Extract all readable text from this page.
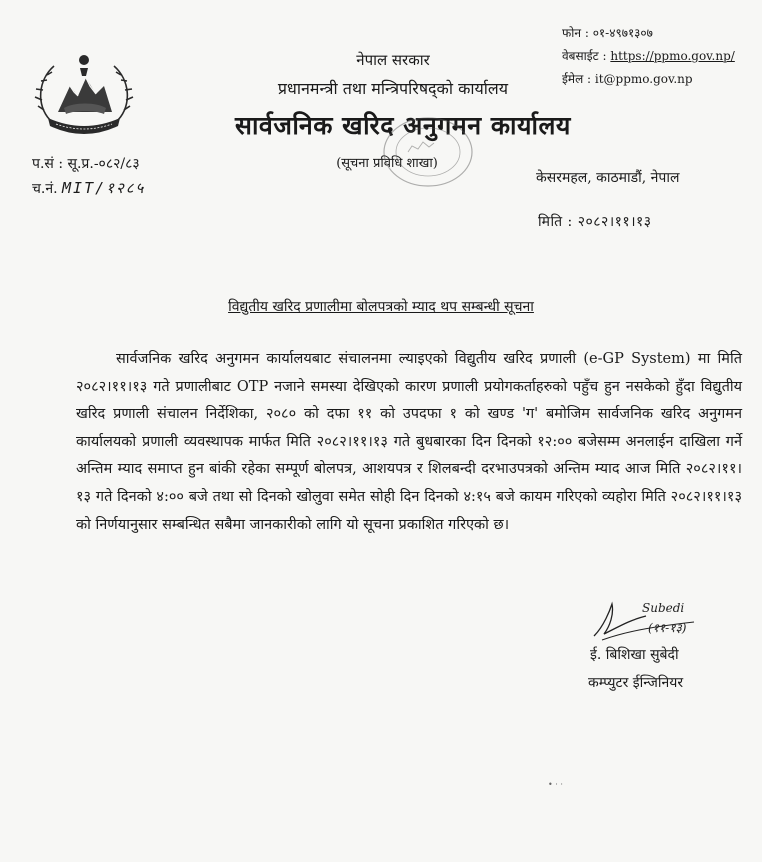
फोन : ०१-४९७१३०७
वेबसाईट : https://ppmo.gov.np/
ईमेल : it@ppmo.gov.np
नेपाल सरकार
प्रधानमन्त्री तथा मन्त्रिपरिषद्को कार्यालय
सार्वजनिक खरिद अनुगमन कार्यालय
(सूचना प्रविधि शाखा)
प.सं : सू.प्र.-०८२/८३
च.नं. MIT/१२८५
केसरमहल, काठमाडौं, नेपाल
मिति : २०८२।११।१३
विद्युतीय खरिद प्रणालीमा बोलपत्रको म्याद थप सम्बन्धी सूचना

सार्वजनिक खरिद अनुगमन कार्यालयबाट संचालनमा ल्याइएको विद्युतीय खरिद प्रणाली (e-GP System) मा मिति २०८२।११।१३ गते प्रणालीबाट OTP नजाने समस्या देखिएको कारण प्रणाली प्रयोगकर्ताहरुको पहुँच हुन नसकेको हुँदा विद्युतीय खरिद प्रणाली संचालन निर्देशिका, २०८० को दफा ११ को उपदफा १ को खण्ड 'ग' बमोजिम सार्वजनिक खरिद अनुगमन कार्यालयको प्रणाली व्यवस्थापक मार्फत मिति २०८२।११।१३ गते बुधबारका दिन दिनको १२:०० बजेसम्म अनलाईन दाखिला गर्ने अन्तिम म्याद समाप्त हुन बांकी रहेका सम्पूर्ण बोलपत्र, आशयपत्र र शिलबन्दी दरभाउपत्रको अन्तिम म्याद आज मिति २०८२।११।१३ गते दिनको ४:०० बजे तथा सो दिनको खोलुवा समेत सोही दिन दिनको ४:१५ बजे कायम गरिएको व्यहोरा मिति २०८२।११।१३ को निर्णयानुसार सम्बन्धित सबैमा जानकारीको लागि यो सूचना प्रकाशित गरिएको छ।

Subedi
(११-१३)
ई. बिशिखा सुबेदी
कम्प्युटर ईन्जिनियर
• · ·
